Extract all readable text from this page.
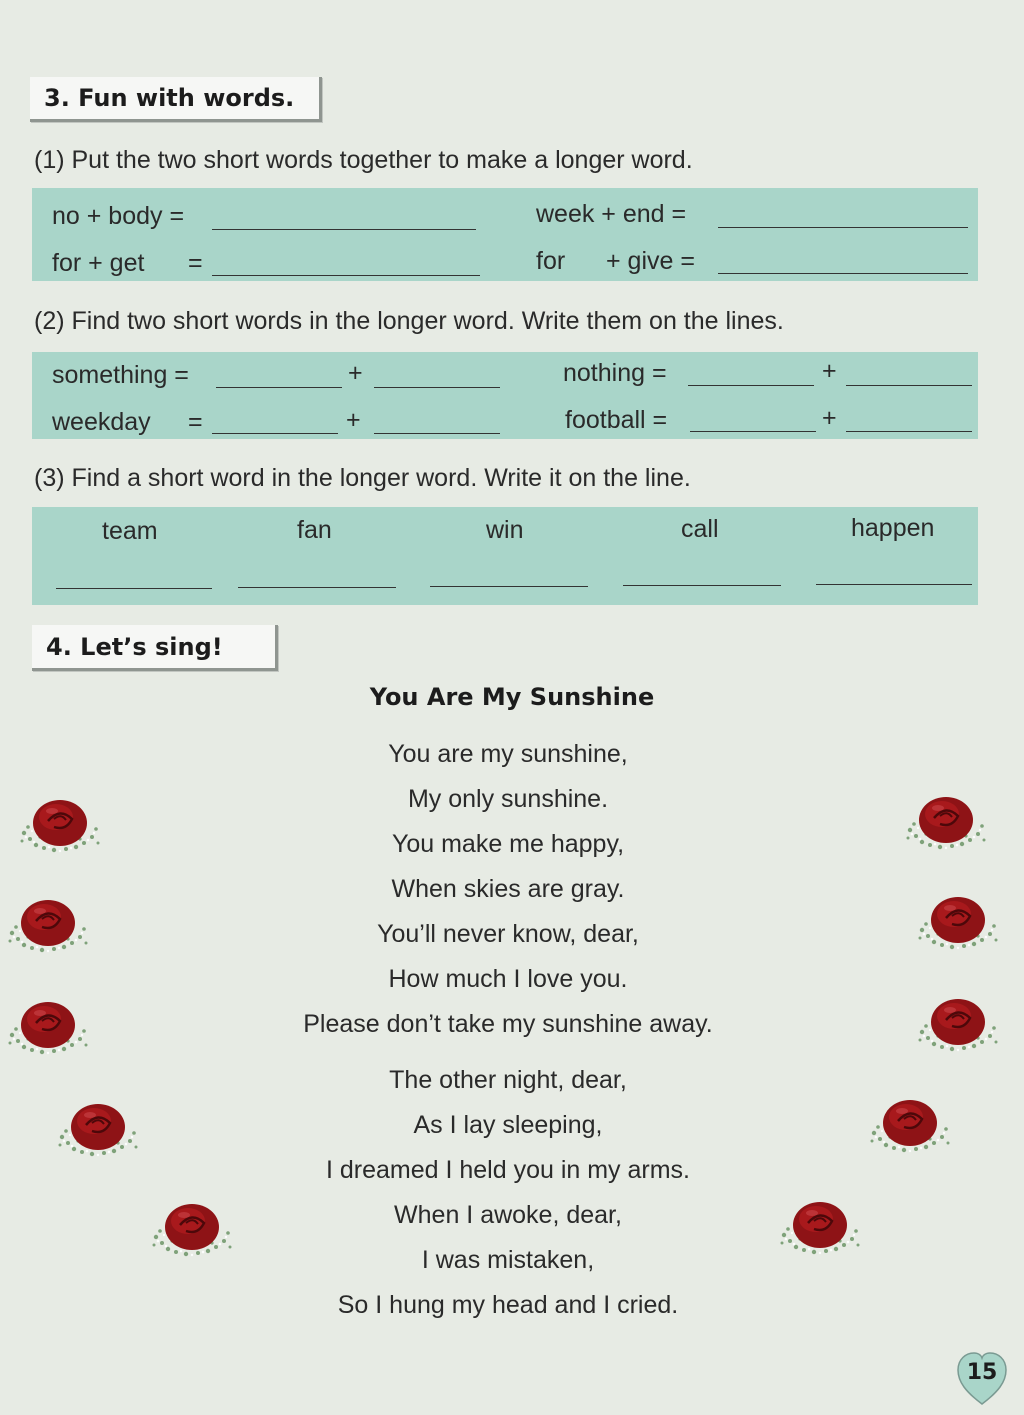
3. Fun with words.
(1) Put the two short words together to make a longer word.
no + body =	week + end =
for + get =	for + give =
(2) Find two short words in the longer word. Write them on the lines.
something =	+	nothing =	+
weekday =	+	football =	+
(3) Find a short word in the longer word. Write it on the line.
team	fan	win	call	happen
4. Let’s sing!
You Are My Sunshine
You are my sunshine,
My only sunshine.
You make me happy,
When skies are gray.
You’ll never know, dear,
How much I love you.
Please don’t take my sunshine away.
The other night, dear,
As I lay sleeping,
I dreamed I held you in my arms.
When I awoke, dear,
I was mistaken,
So I hung my head and I cried.
15
